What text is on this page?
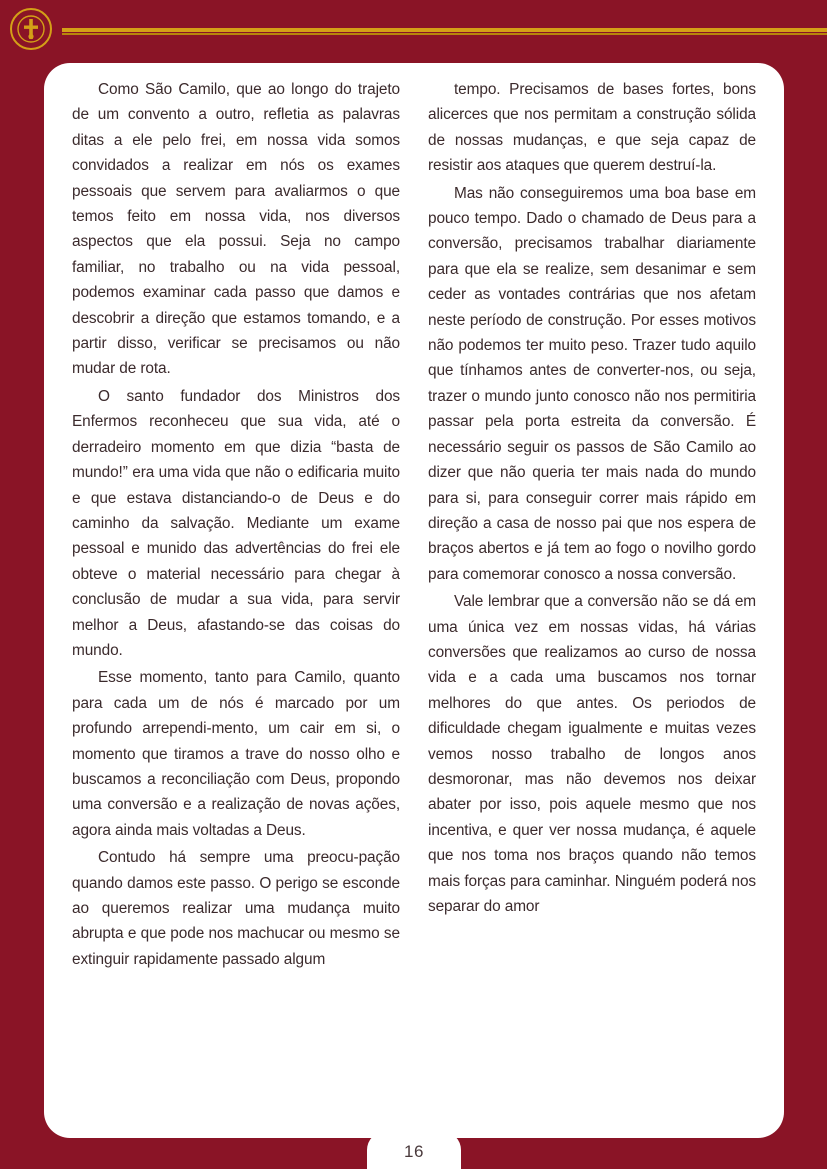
Como São Camilo, que ao longo do trajeto de um convento a outro, refletia as palavras ditas a ele pelo frei, em nossa vida somos convidados a realizar em nós os exames pessoais que servem para avaliarmos o que temos feito em nossa vida, nos diversos aspectos que ela possui. Seja no campo familiar, no trabalho ou na vida pessoal, podemos examinar cada passo que damos e descobrir a direção que estamos tomando, e a partir disso, verificar se precisamos ou não mudar de rota.

O santo fundador dos Ministros dos Enfermos reconheceu que sua vida, até o derradeiro momento em que dizia “basta de mundo!” era uma vida que não o edificaria muito e que estava distanciando-o de Deus e do caminho da salvação. Mediante um exame pessoal e munido das advertências do frei ele obteve o material necessário para chegar à conclusão de mudar a sua vida, para servir melhor a Deus, afastando-se das coisas do mundo.

Esse momento, tanto para Camilo, quanto para cada um de nós é marcado por um profundo arrependi-mento, um cair em si, o momento que tiramos a trave do nosso olho e buscamos a reconciliação com Deus, propondo uma conversão e a realização de novas ações, agora ainda mais voltadas a Deus.

Contudo há sempre uma preocu-pação quando damos este passo. O perigo se esconde ao queremos realizar uma mudança muito abrupta e que pode nos machucar ou mesmo se extinguir rapidamente passado algum

tempo. Precisamos de bases fortes, bons alicerces que nos permitam a construção sólida de nossas mudanças, e que seja capaz de resistir aos ataques que querem destruí-la.

Mas não conseguiremos uma boa base em pouco tempo. Dado o chamado de Deus para a conversão, precisamos trabalhar diariamente para que ela se realize, sem desanimar e sem ceder as vontades contrárias que nos afetam neste período de construção. Por esses motivos não podemos ter muito peso. Trazer tudo aquilo que tínhamos antes de converter-nos, ou seja, trazer o mundo junto conosco não nos permitiria passar pela porta estreita da conversão. É necessário seguir os passos de São Camilo ao dizer que não queria ter mais nada do mundo para si, para conseguir correr mais rápido em direção a casa de nosso pai que nos espera de braços abertos e já tem ao fogo o novilho gordo para comemorar conosco a nossa conversão.

Vale lembrar que a conversão não se dá em uma única vez em nossas vidas, há várias conversões que realizamos ao curso de nossa vida e a cada uma buscamos nos tornar melhores do que antes. Os periodos de dificuldade chegam igualmente e muitas vezes vemos nosso trabalho de longos anos desmoronar, mas não devemos nos deixar abater por isso, pois aquele mesmo que nos incentiva, e quer ver nossa mudança, é aquele que nos toma nos braços quando não temos mais forças para caminhar. Ninguém poderá nos separar do amor

16
